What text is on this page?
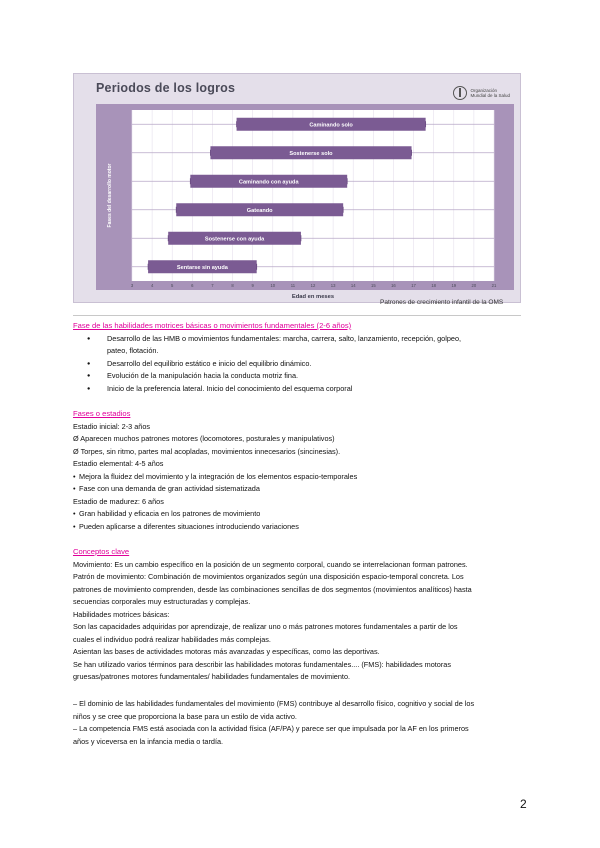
Periodos de los logros	Organización
Mundial de la Salud
3	4	5	6	7	8	9	10	11	12	13	14	15	16	17	18	19	20	21
Caminando solo
Sostenerse solo
Caminando con ayuda
Gateando
Sostenerse con ayuda
Sentarse sin ayuda
Fases del desarrollo motor
Edad en meses
Patrones de crecimiento infantil de la OMS
Fase de las habilidades motrices básicas o movimientos fundamentales (2-6 años)
● Desarrollo de las HMB o movimientos fundamentales: marcha, carrera, salto, lanzamiento, recepción, golpeo,
pateo, flotación.
● Desarrollo del equilibrio estático e inicio del equilibrio dinámico.
● Evolución de la manipulación hacia la conducta motriz fina.
● Inicio de la preferencia lateral. Inicio del conocimiento del esquema corporal
Fases o estadios
Estadio inicial: 2-3 años
Ø Aparecen muchos patrones motores (locomotores, posturales y manipulativos)
Ø Torpes, sin ritmo, partes mal acopladas, movimientos innecesarios (sincinesias).
Estadio elemental: 4-5 años
• Mejora la fluidez del movimiento y la integración de los elementos espacio-temporales
• Fase con una demanda de gran actividad sistematizada
Estadio de madurez: 6 años
• Gran habilidad y eficacia en los patrones de movimiento
• Pueden aplicarse a diferentes situaciones introduciendo variaciones
Conceptos clave
Movimiento: Es un cambio específico en la posición de un segmento corporal, cuando se interrelacionan forman patrones.
Patrón de movimiento: Combinación de movimientos organizados según una disposición espacio-temporal concreta. Los
patrones de movimiento comprenden, desde las combinaciones sencillas de dos segmentos (movimientos analíticos) hasta
secuencias corporales muy estructuradas y complejas.
Habilidades motrices básicas:
Son las capacidades adquiridas por aprendizaje, de realizar uno o más patrones motores fundamentales a partir de los
cuales el individuo podrá realizar habilidades más complejas.
Asientan las bases de actividades motoras más avanzadas y específicas, como las deportivas.
Se han utilizado varios términos para describir las habilidades motoras fundamentales.... (FMS): habilidades motoras
gruesas/patrones motores fundamentales/ habilidades fundamentales de movimiento.
– El dominio de las habilidades fundamentales del movimiento (FMS) contribuye al desarrollo físico, cognitivo y social de los
niños y se cree que proporciona la base para un estilo de vida activo.
– La competencia FMS está asociada con la actividad física (AF/PA) y parece ser que impulsada por la AF en los primeros
años y viceversa en la infancia media o tardía.
2
